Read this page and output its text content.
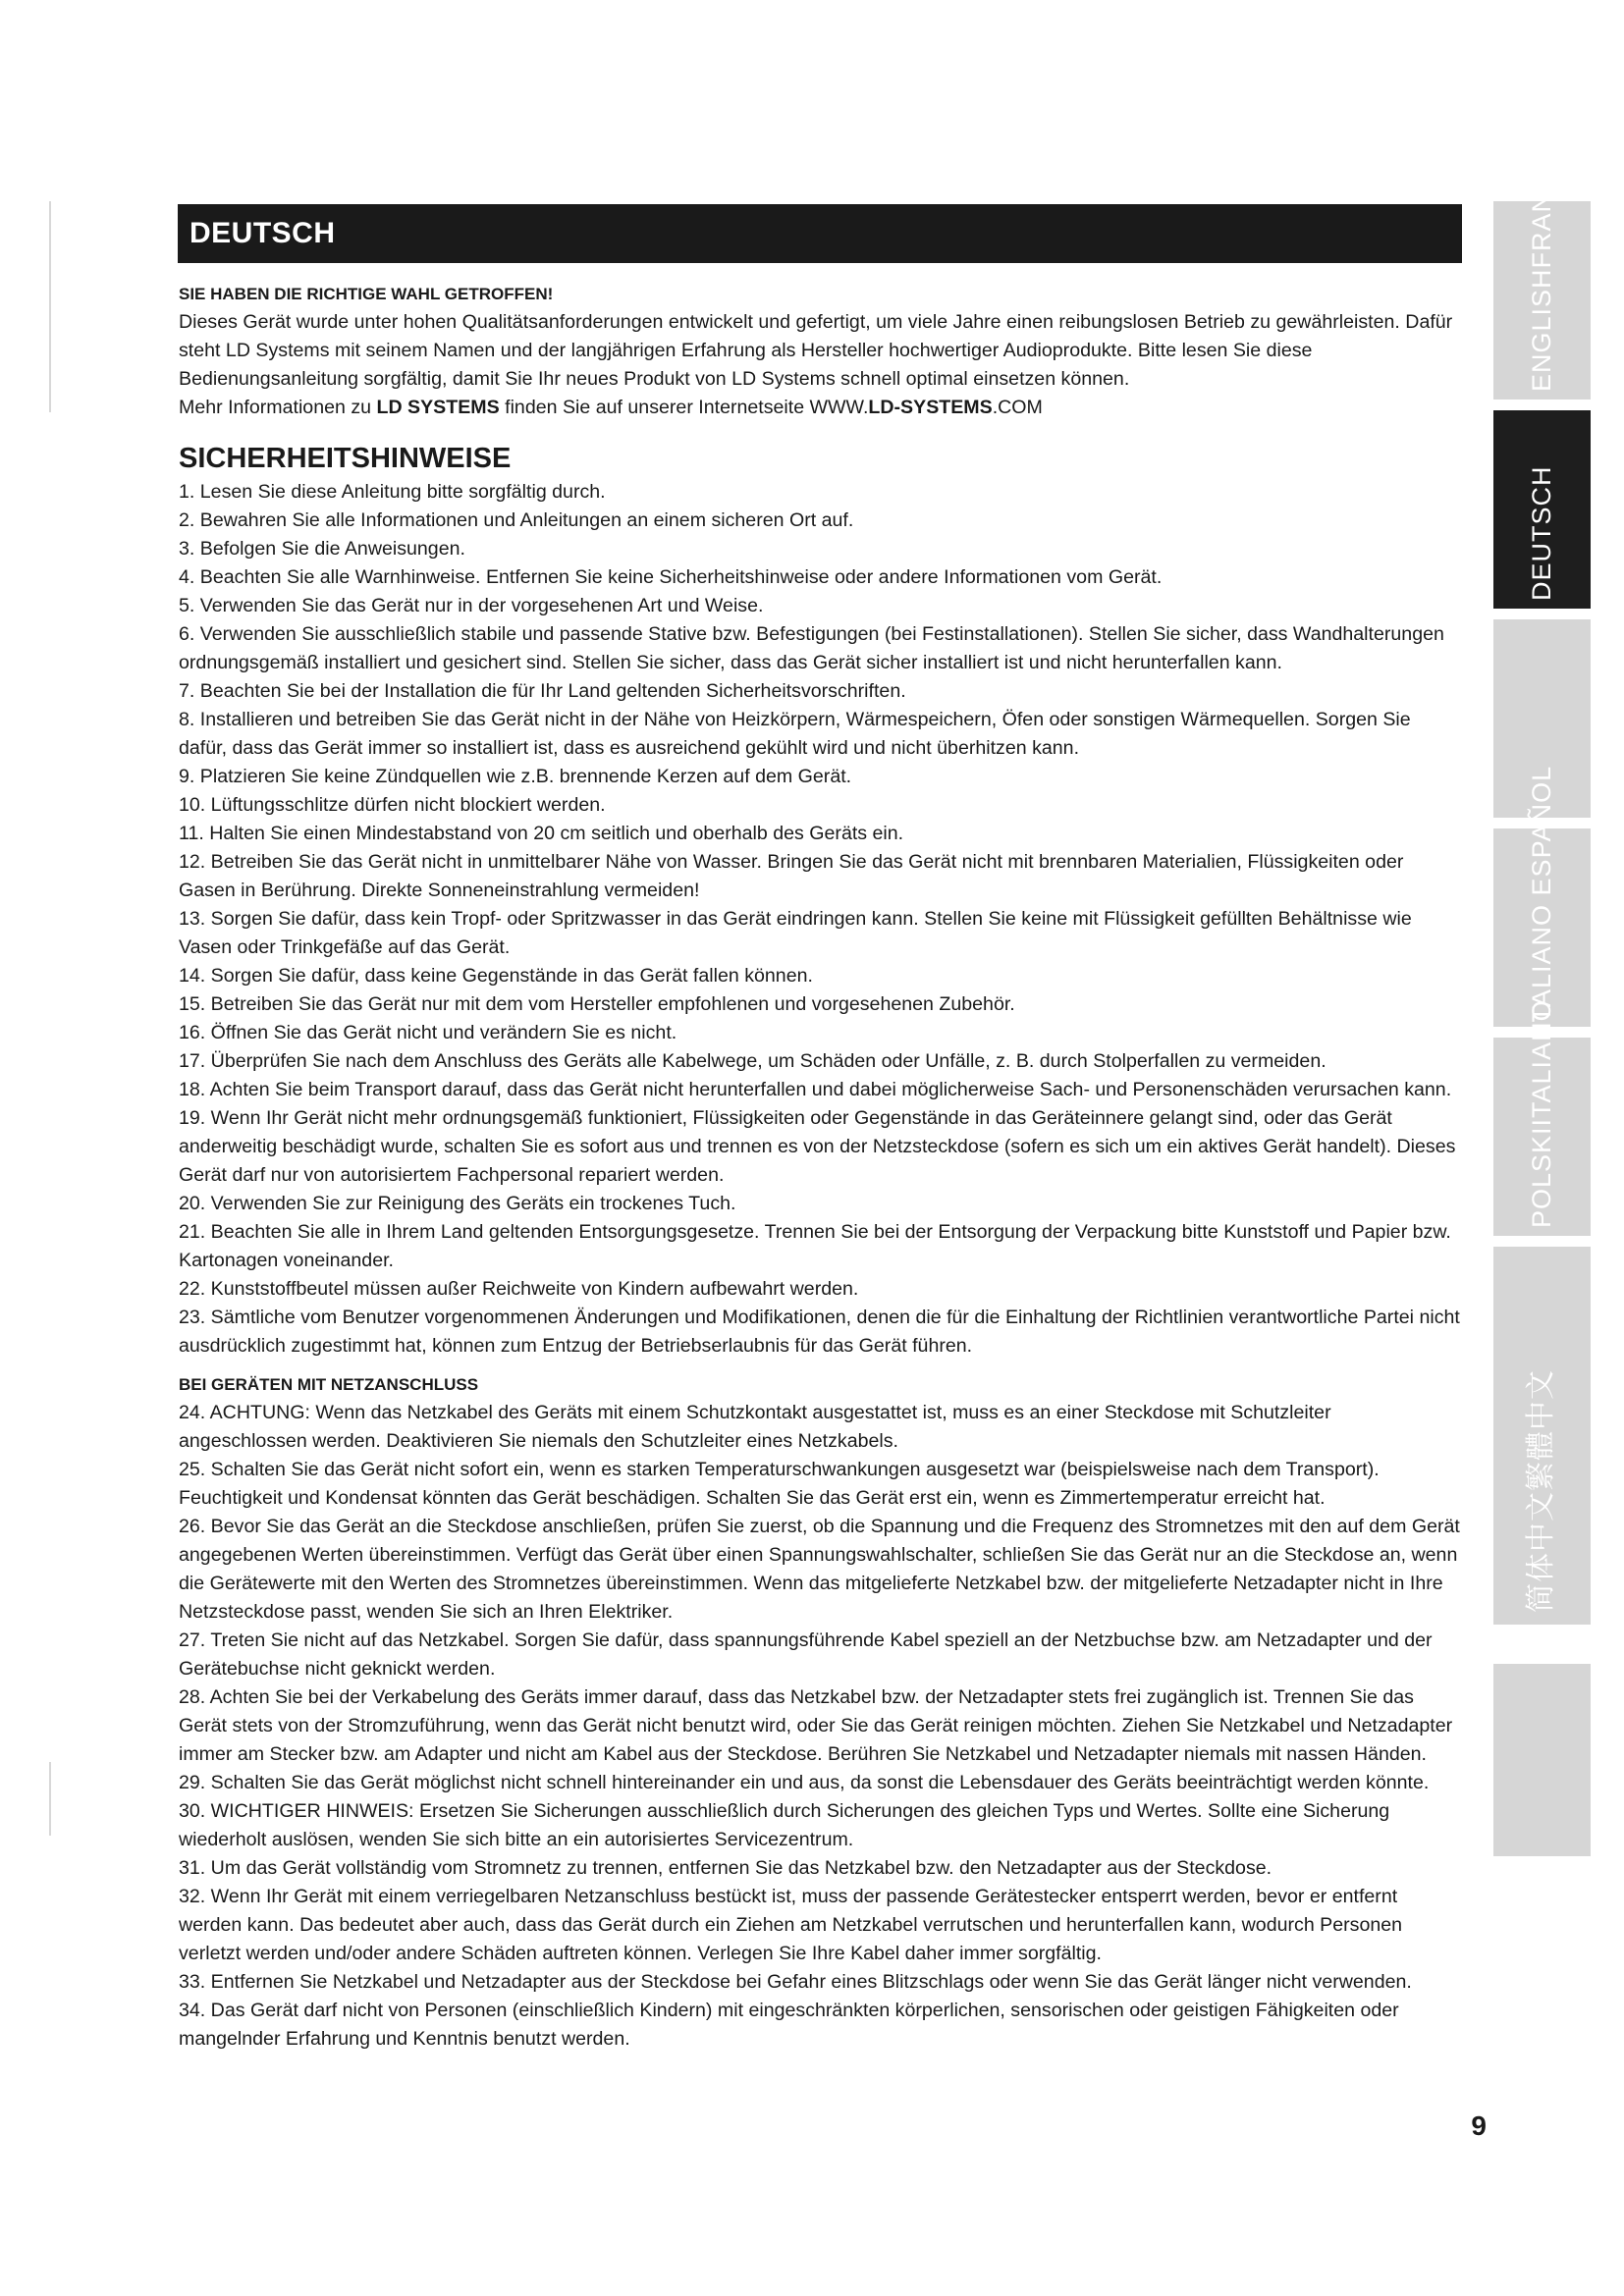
DEUTSCH
SIE HABEN DIE RICHTIGE WAHL GETROFFEN!

Dieses Gerät wurde unter hohen Qualitätsanforderungen entwickelt und gefertigt, um viele Jahre einen reibungslosen Betrieb zu gewährleisten. Dafür steht LD Systems mit seinem Namen und der langjährigen Erfahrung als Hersteller hochwertiger Audioprodukte. Bitte lesen Sie diese Bedienungsanleitung sorgfältig, damit Sie Ihr neues Produkt von LD Systems schnell optimal einsetzen können.

Mehr Informationen zu LD SYSTEMS finden Sie auf unserer Internetseite WWW.LD-SYSTEMS.COM

SICHERHEITSHINWEISE
1. Lesen Sie diese Anleitung bitte sorgfältig durch.
2. Bewahren Sie alle Informationen und Anleitungen an einem sicheren Ort auf.
3. Befolgen Sie die Anweisungen.
4. Beachten Sie alle Warnhinweise. Entfernen Sie keine Sicherheitshinweise oder andere Informationen vom Gerät.
5. Verwenden Sie das Gerät nur in der vorgesehenen Art und Weise.
6. Verwenden Sie ausschließlich stabile und passende Stative bzw. Befestigungen (bei Festinstallationen). Stellen Sie sicher, dass Wandhalterungen ordnungsgemäß installiert und gesichert sind. Stellen Sie sicher, dass das Gerät sicher installiert ist und nicht herunterfallen kann.
7. Beachten Sie bei der Installation die für Ihr Land geltenden Sicherheitsvorschriften.
8. Installieren und betreiben Sie das Gerät nicht in der Nähe von Heizkörpern, Wärmespeichern, Öfen oder sonstigen Wärmequellen. Sorgen Sie dafür, dass das Gerät immer so installiert ist, dass es ausreichend gekühlt wird und nicht überhitzen kann.
9. Platzieren Sie keine Zündquellen wie z.B. brennende Kerzen auf dem Gerät.
10. Lüftungsschlitze dürfen nicht blockiert werden.
11. Halten Sie einen Mindestabstand von 20 cm seitlich und oberhalb des Geräts ein.
12. Betreiben Sie das Gerät nicht in unmittelbarer Nähe von Wasser. Bringen Sie das Gerät nicht mit brennbaren Materialien, Flüssigkeiten oder Gasen in Berührung. Direkte Sonneneinstrahlung vermeiden!
13. Sorgen Sie dafür, dass kein Tropf- oder Spritzwasser in das Gerät eindringen kann. Stellen Sie keine mit Flüssigkeit gefüllten Behältnisse wie Vasen oder Trinkgefäße auf das Gerät.
14. Sorgen Sie dafür, dass keine Gegenstände in das Gerät fallen können.
15. Betreiben Sie das Gerät nur mit dem vom Hersteller empfohlenen und vorgesehenen Zubehör.
16. Öffnen Sie das Gerät nicht und verändern Sie es nicht.
17. Überprüfen Sie nach dem Anschluss des Geräts alle Kabelwege, um Schäden oder Unfälle, z. B. durch Stolperfallen zu vermeiden.
18. Achten Sie beim Transport darauf, dass das Gerät nicht herunterfallen und dabei möglicherweise Sach- und Personenschäden verursachen kann.
19. Wenn Ihr Gerät nicht mehr ordnungsgemäß funktioniert, Flüssigkeiten oder Gegenstände in das Geräteinnere gelangt sind, oder das Gerät anderweitig beschädigt wurde, schalten Sie es sofort aus und trennen es von der Netzsteckdose (sofern es sich um ein aktives Gerät handelt). Dieses Gerät darf nur von autorisiertem Fachpersonal repariert werden.
20. Verwenden Sie zur Reinigung des Geräts ein trockenes Tuch.
21. Beachten Sie alle in Ihrem Land geltenden Entsorgungsgesetze. Trennen Sie bei der Entsorgung der Verpackung bitte Kunststoff und Papier bzw. Kartonagen voneinander.
22. Kunststoffbeutel müssen außer Reichweite von Kindern aufbewahrt werden.
23. Sämtliche vom Benutzer vorgenommenen Änderungen und Modifikationen, denen die für die Einhaltung der Richtlinien verantwortliche Partei nicht ausdrücklich zugestimmt hat, können zum Entzug der Betriebserlaubnis für das Gerät führen.
BEI GERÄTEN MIT NETZANSCHLUSS
24. ACHTUNG: Wenn das Netzkabel des Geräts mit einem Schutzkontakt ausgestattet ist, muss es an einer Steckdose mit Schutzleiter angeschlossen werden. Deaktivieren Sie niemals den Schutzleiter eines Netzkabels.
25. Schalten Sie das Gerät nicht sofort ein, wenn es starken Temperaturschwankungen ausgesetzt war (beispielsweise nach dem Transport). Feuchtigkeit und Kondensat könnten das Gerät beschädigen. Schalten Sie das Gerät erst ein, wenn es Zimmertemperatur erreicht hat.
26. Bevor Sie das Gerät an die Steckdose anschließen, prüfen Sie zuerst, ob die Spannung und die Frequenz des Stromnetzes mit den auf dem Gerät angegebenen Werten übereinstimmen. Verfügt das Gerät über einen Spannungswahlschalter, schließen Sie das Gerät nur an die Steckdose an, wenn die Gerätewerte mit den Werten des Stromnetzes übereinstimmen. Wenn das mitgelieferte Netzkabel bzw. der mitgelieferte Netzadapter nicht in Ihre Netzsteckdose passt, wenden Sie sich an Ihren Elektriker.
27. Treten Sie nicht auf das Netzkabel. Sorgen Sie dafür, dass spannungsführende Kabel speziell an der Netzbuchse bzw. am Netzadapter und der Gerätebuchse nicht geknickt werden.
28. Achten Sie bei der Verkabelung des Geräts immer darauf, dass das Netzkabel bzw. der Netzadapter stets frei zugänglich ist. Trennen Sie das Gerät stets von der Stromzuführung, wenn das Gerät nicht benutzt wird, oder Sie das Gerät reinigen möchten. Ziehen Sie Netzkabel und Netzadapter immer am Stecker bzw. am Adapter und nicht am Kabel aus der Steckdose. Berühren Sie Netzkabel und Netzadapter niemals mit nassen Händen.
29. Schalten Sie das Gerät möglichst nicht schnell hintereinander ein und aus, da sonst die Lebensdauer des Geräts beeinträchtigt werden könnte.
30. WICHTIGER HINWEIS: Ersetzen Sie Sicherungen ausschließlich durch Sicherungen des gleichen Typs und Wertes. Sollte eine Sicherung wiederholt auslösen, wenden Sie sich bitte an ein autorisiertes Servicezentrum.
31. Um das Gerät vollständig vom Stromnetz zu trennen, entfernen Sie das Netzkabel bzw. den Netzadapter aus der Steckdose.
32. Wenn Ihr Gerät mit einem verriegelbaren Netzanschluss bestückt ist, muss der passende Gerätestecker entsperrt werden, bevor er entfernt werden kann. Das bedeutet aber auch, dass das Gerät durch ein Ziehen am Netzkabel verrutschen und herunterfallen kann, wodurch Personen verletzt werden und/oder andere Schäden auftreten können. Verlegen Sie Ihre Kabel daher immer sorgfältig.
33. Entfernen Sie Netzkabel und Netzadapter aus der Steckdose bei Gefahr eines Blitzschlags oder wenn Sie das Gerät länger nicht verwenden.
34. Das Gerät darf nicht von Personen (einschließlich Kindern) mit eingeschränkten körperlichen, sensorischen oder geistigen Fähigkeiten oder mangelnder Erfahrung und Kenntnis benutzt werden.
ENGLISHFRANÇAIS
DEUTSCH
ITALIANO ESPAÑOL
POLSKIITALIANO
简体中文繁體中文
9
